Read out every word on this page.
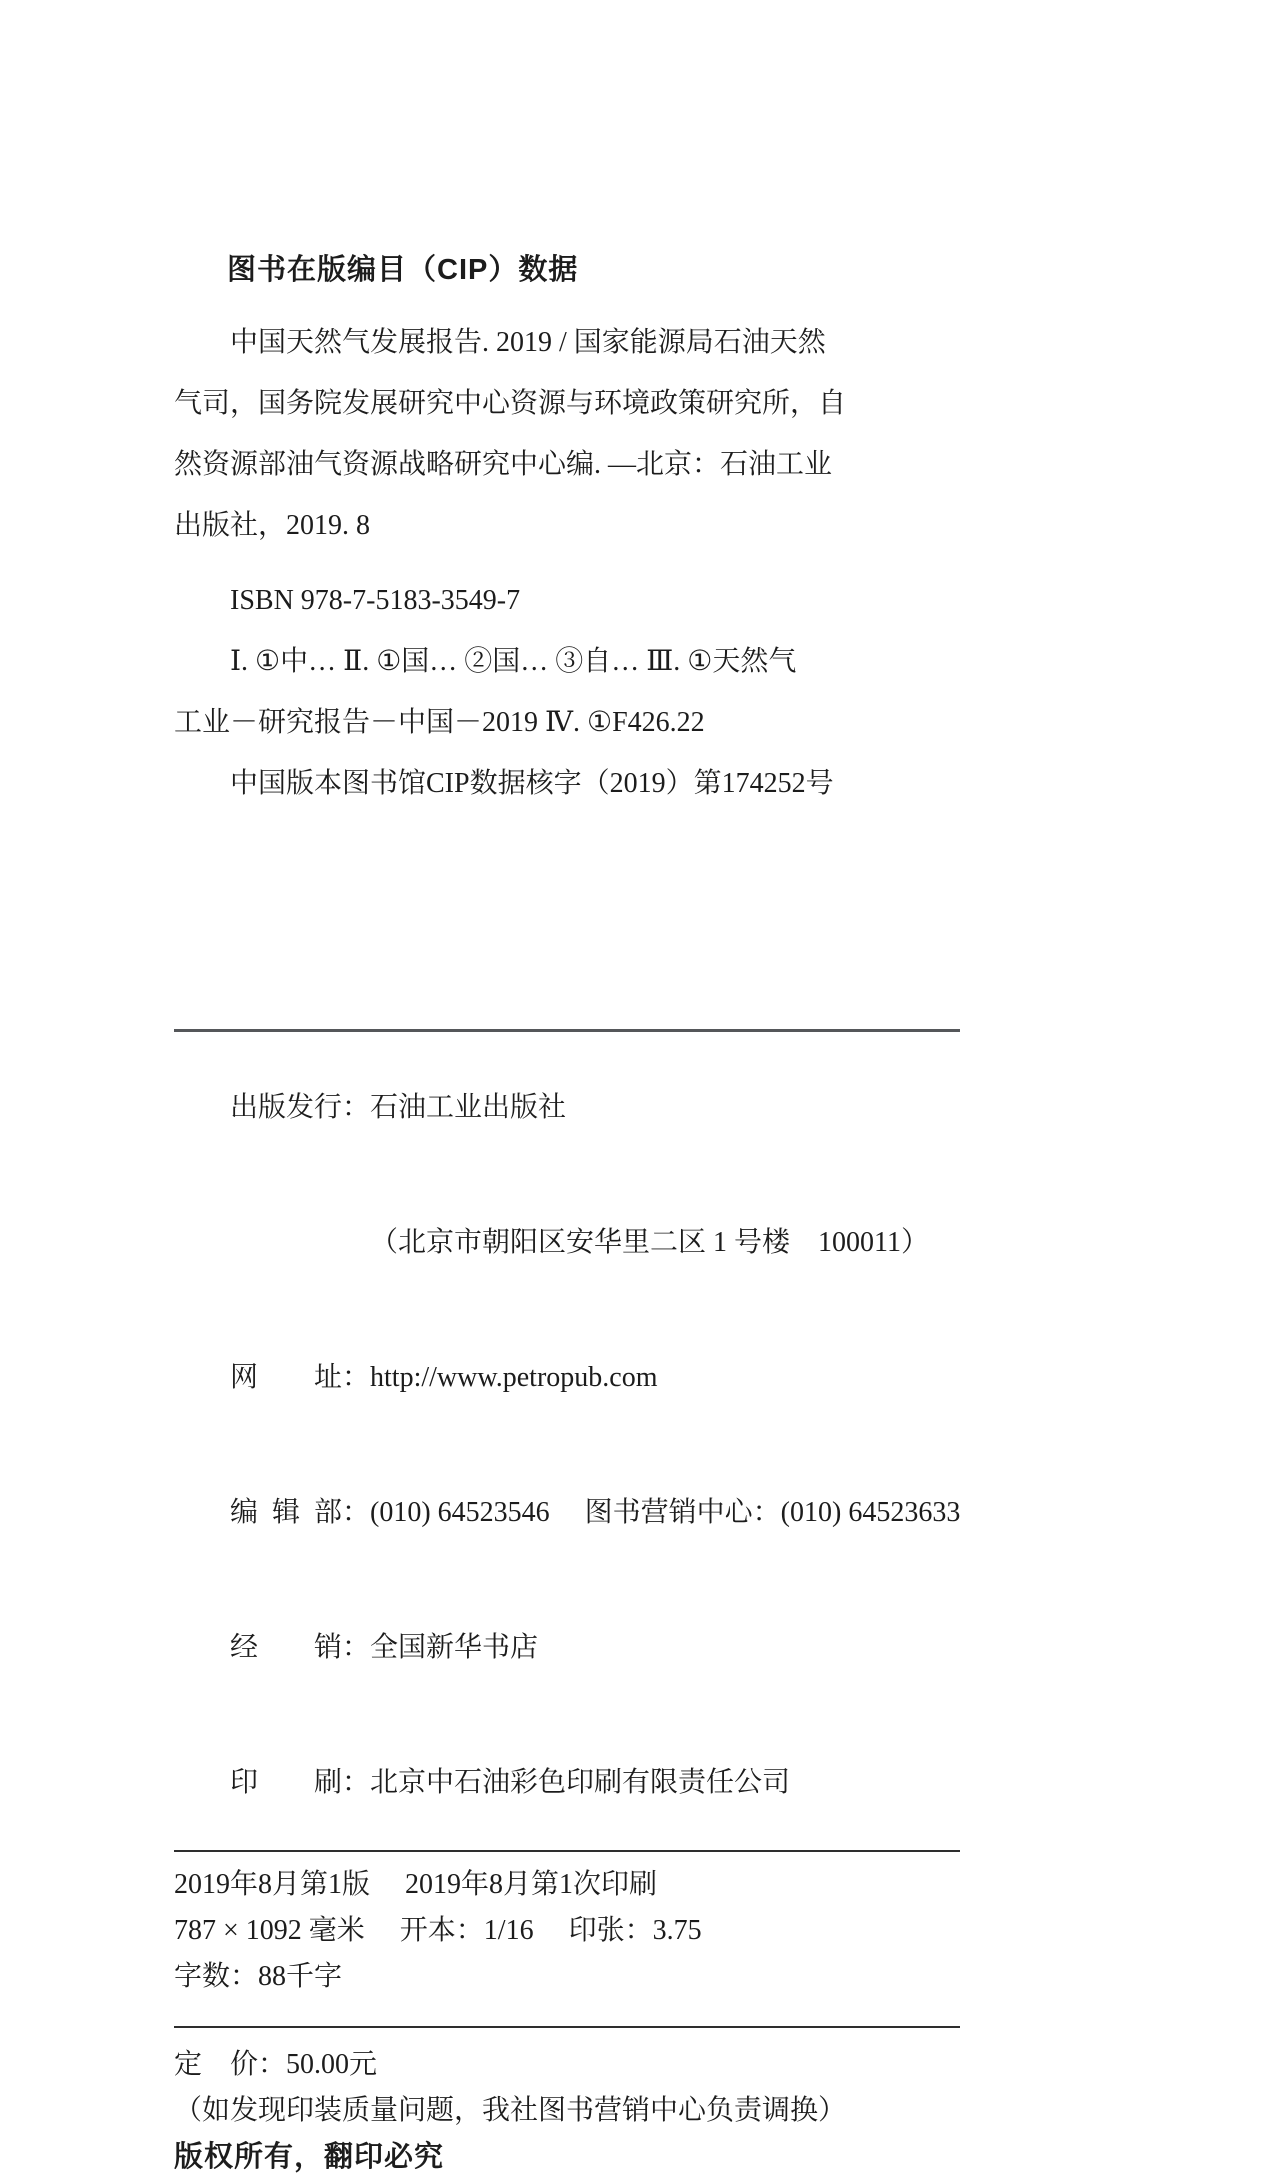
图书在版编目（CIP）数据
中国天然气发展报告. 2019 / 国家能源局石油天然
气司，国务院发展研究中心资源与环境政策研究所，自
然资源部油气资源战略研究中心编. —北京：石油工业
出版社，2019. 8
ISBN 978-7-5183-3549-7
Ⅰ. ①中… Ⅱ. ①国… ②国… ③自… Ⅲ. ①天然气
工业－研究报告－中国－2019 Ⅳ. ①F426.22
中国版本图书馆CIP数据核字（2019）第174252号

出版发行：石油工业出版社

（北京市朝阳区安华里二区 1 号楼　100011）

网址：http://www.petropub.com

编辑部：(010) 64523546　 图书营销中心：(010) 64523633

经销：全国新华书店

印刷：北京中石油彩色印刷有限责任公司

2019年8月第1版　 2019年8月第1次印刷
787 × 1092 毫米　 开本：1/16　 印张：3.75
字数：88千字
定　价：50.00元
（如发现印装质量问题，我社图书营销中心负责调换）
版权所有，翻印必究
